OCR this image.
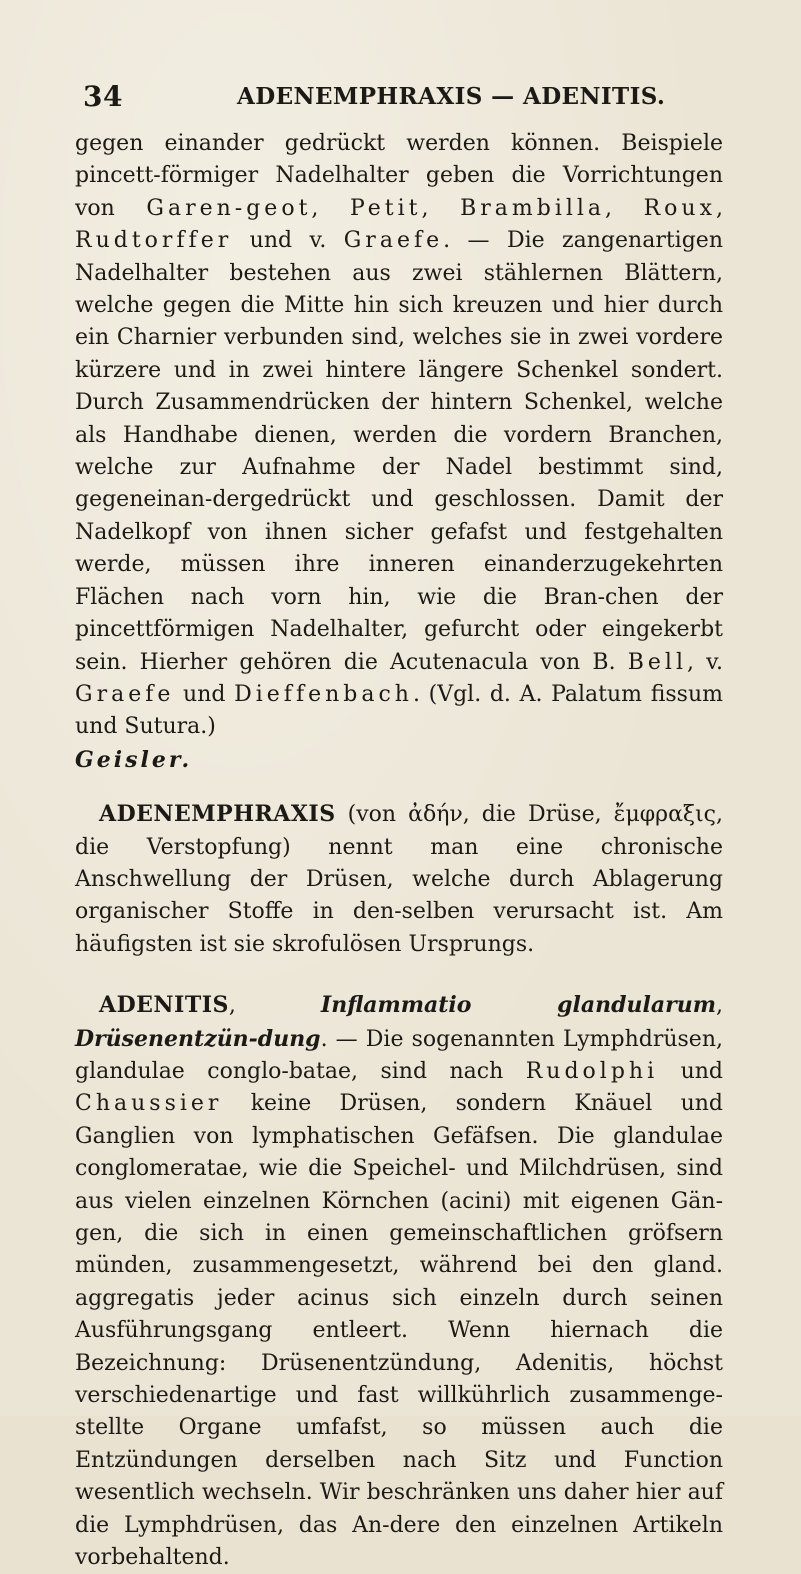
34	ADENEMPHRAXIS — ADENITIS.

gegen einander gedrückt werden können. Beispiele pincett-förmiger Nadelhalter geben die Vorrichtungen von Garen-geot, Petit, Brambilla, Roux, Rudtorffer und v. Graefe. — Die zangenartigen Nadelhalter bestehen aus zwei stählernen Blättern, welche gegen die Mitte hin sich kreuzen und hier durch ein Charnier verbunden sind, welches sie in zwei vordere kürzere und in zwei hintere längere Schenkel sondert. Durch Zusammendrücken der hintern Schenkel, welche als Handhabe dienen, werden die vordern Branchen, welche zur Aufnahme der Nadel bestimmt sind, gegeneinan-dergedrückt und geschlossen. Damit der Nadelkopf von ihnen sicher gefafst und festgehalten werde, müssen ihre inneren einanderzugekehrten Flächen nach vorn hin, wie die Bran-chen der pincettförmigen Nadelhalter, gefurcht oder eingekerbt sein. Hierher gehören die Acutenacula von B. Bell, v. Graefe und Dieffenbach. (Vgl. d. A. Palatum fissum und Sutura.)

Geisler.

ADENEMPHRAXIS (von ἀδήν, die Drüse, ἔμφραξις, die Verstopfung) nennt man eine chronische Anschwellung der Drüsen, welche durch Ablagerung organischer Stoffe in den-selben verursacht ist. Am häufigsten ist sie skrofulösen Ursprungs.

ADENITIS, Inflammatio glandularum, Drüsenentzün-dung. — Die sogenannten Lymphdrüsen, glandulae conglo-batae, sind nach Rudolphi und Chaussier keine Drüsen, sondern Knäuel und Ganglien von lymphatischen Gefäfsen. Die glandulae conglomeratae, wie die Speichel- und Milchdrüsen, sind aus vielen einzelnen Körnchen (acini) mit eigenen Gän-gen, die sich in einen gemeinschaftlichen gröfsern münden, zusammengesetzt, während bei den gland. aggregatis jeder acinus sich einzeln durch seinen Ausführungsgang entleert. Wenn hiernach die Bezeichnung: Drüsenentzündung, Adenitis, höchst verschiedenartige und fast willkührlich zusammenge-stellte Organe umfafst, so müssen auch die Entzündungen derselben nach Sitz und Function wesentlich wechseln. Wir beschränken uns daher hier auf die Lymphdrüsen, das An-dere den einzelnen Artikeln vorbehaltend.
